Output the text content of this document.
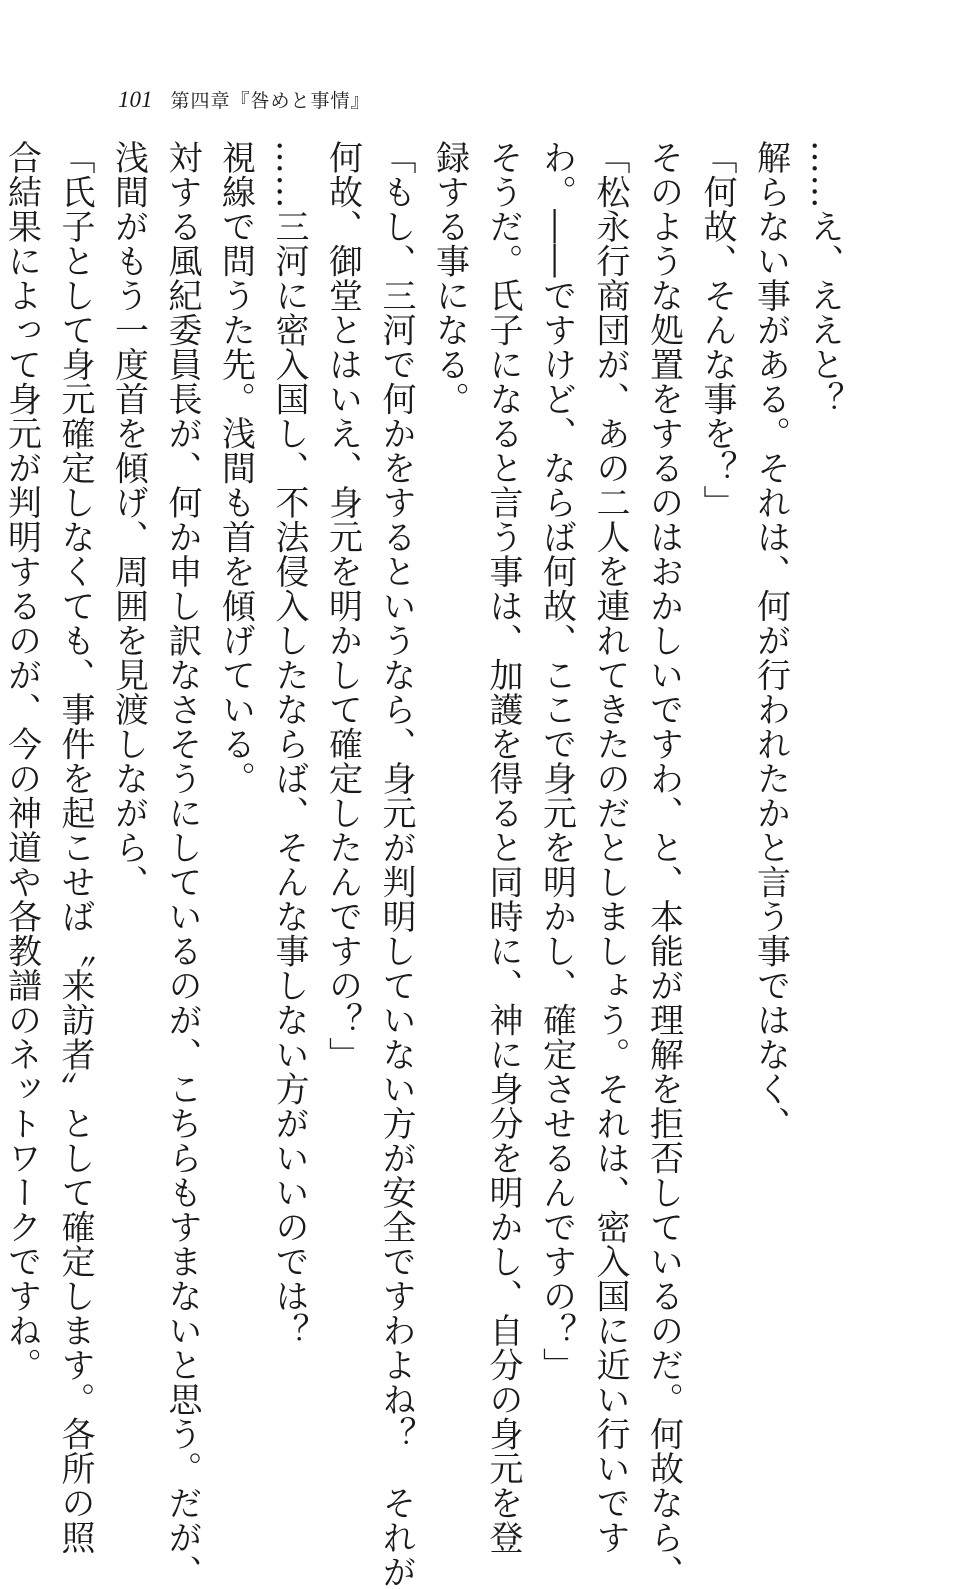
101 第四章『咎めと事情』
……え、ええと？
解らない事がある。それは、何が行われたかと言う事ではなく、
「何故、そんな事を？」
そのような処置をするのはおかしいですわ、と、本能が理解を拒否しているのだ。何故なら、
「松永行商団が、あの二人を連れてきたのだとしましょう。それは、密入国に近い行いです
わ。――ですけど、ならば何故、ここで身元を明かし、確定させるんですの？」
そうだ。氏子になると言う事は、加護を得ると同時に、神に身分を明かし、自分の身元を登
録する事になる。
「もし、三河で何かをするというなら、身元が判明していない方が安全ですわよね？　それが
何故、御堂とはいえ、身元を明かして確定したんですの？」
……三河に密入国し、不法侵入したならば、そんな事しない方がいいのでは？
視線で問うた先。浅間も首を傾げている。
対する風紀委員長が、何か申し訳なさそうにしているのが、こちらもすまないと思う。だが、
浅間がもう一度首を傾げ、周囲を見渡しながら、
「氏子として身元確定しなくても、事件を起こせば〝来訪者〟として確定します。各所の照
合結果によって身元が判明するのが、今の神道や各教譜のネットワークですね。
